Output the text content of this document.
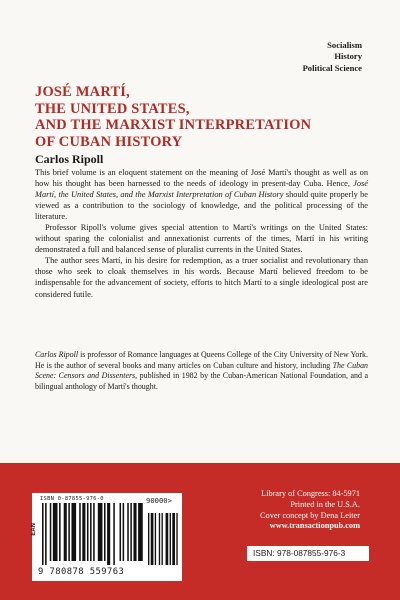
Socialism
History
Political Science
JOSÉ MARTÍ,
THE UNITED STATES,
AND THE MARXIST INTERPRETATION
OF CUBAN HISTORY
Carlos Ripoll

This brief volume is an eloquent statement on the meaning of José Martí's thought as well as on how his thought has been harnessed to the needs of ideology in present-day Cuba. Hence, José Martí, the United States, and the Marxist Interpretation of Cuban History should quite properly be viewed as a contribution to the sociology of knowledge, and the political processing of the literature.

Professor Ripoll's volume gives special attention to Martí's writings on the United States: without sparing the colonialist and annexationist currents of the times, Martí in his writing demonstrated a full and balanced sense of pluralist currents in the United States.

The author sees Martí, in his desire for redemption, as a truer socialist and revolutionary than those who seek to cloak themselves in his words. Because Martí believed freedom to be indispensable for the advancement of society, efforts to hitch Martí to a single ideological post are considered futile.

Carlos Ripoll is professor of Romance languages at Queens College of the City University of New York. He is the author of several books and many articles on Cuban culture and history, including The Cuban Scene: Censors and Dissenters, published in 1982 by the Cuban-American National Foundation, and a bilingual anthology of Martí's thought.

ISBN 0-87855-976-0	90000>
EAN
9 780878 559763
Library of Congress: 84-5971
Printed in the U.S.A.
Cover concept by Dena Leiter
www.transactionpub.com
ISBN: 978-087855-976-3
